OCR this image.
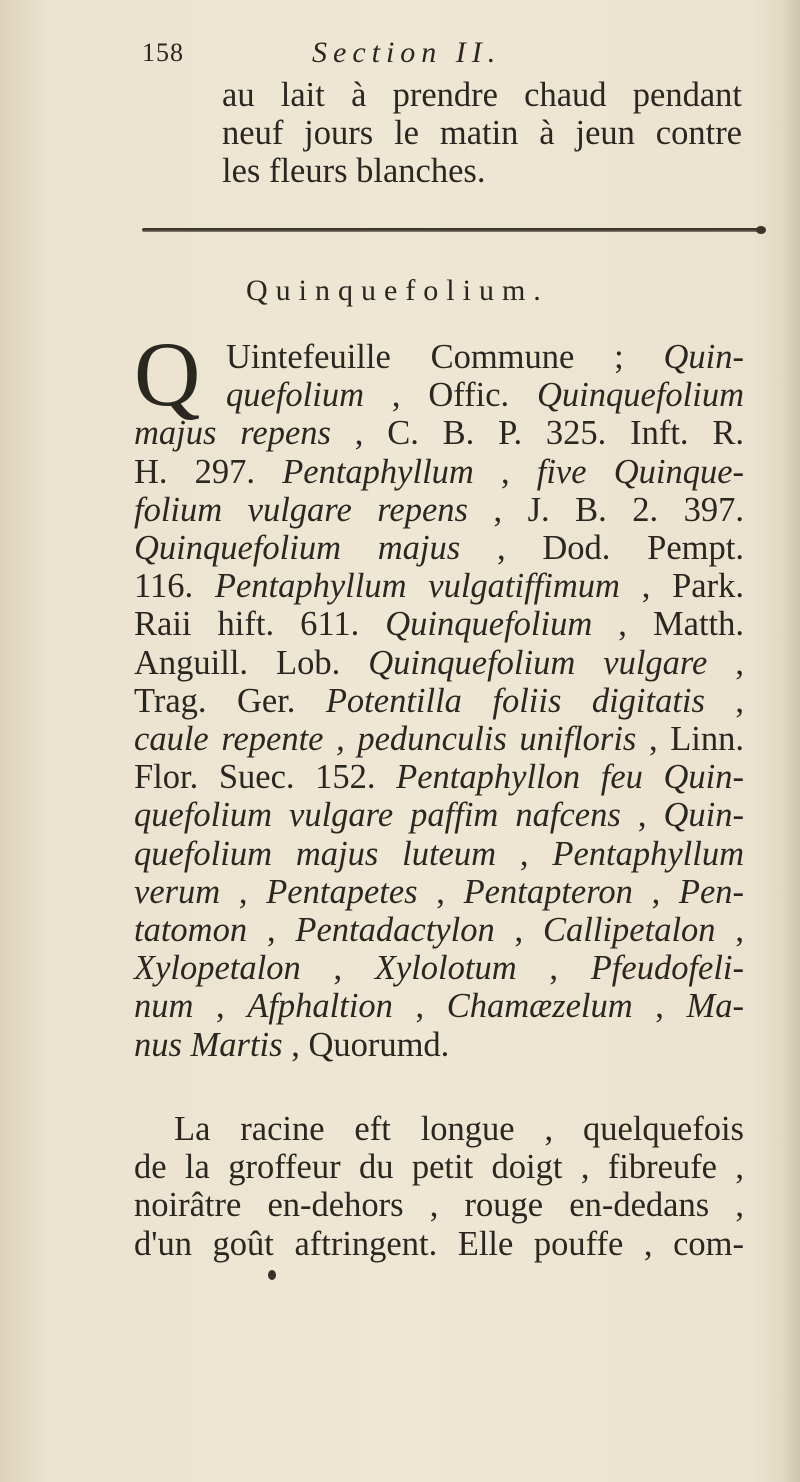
158	Section II.
au lait à prendre chaud pendant
neuf jours le matin à jeun contre
les fleurs blanches.
Quinquefolium.
Q Uintefeuille Commune ; Quin-
quefolium , Offic. Quinquefolium
majus repens , C. B. P. 325. Inft. R.
H. 297. Pentaphyllum , five Quinque-
folium vulgare repens , J. B. 2. 397.
Quinquefolium majus , Dod. Pempt.
116. Pentaphyllum vulgatiffimum , Park.
Raii hift. 611. Quinquefolium , Matth.
Anguill. Lob. Quinquefolium vulgare ,
Trag. Ger. Potentilla foliis digitatis ,
caule repente , pedunculis unifloris , Linn.
Flor. Suec. 152. Pentaphyllon feu Quin-
quefolium vulgare paffim nafcens , Quin-
quefolium majus luteum , Pentaphyllum
verum , Pentapetes , Pentapteron , Pen-
tatomon , Pentadactylon , Callipetalon ,
Xylopetalon , Xylolotum , Pfeudofeli-
num , Afphaltion , Chamæzelum , Ma-
nus Martis , Quorumd.
La racine eft longue , quelquefois
de la groffeur du petit doigt , fibreufe ,
noirâtre en-dehors , rouge en-dedans ,
d'un goût aftringent. Elle pouffe , com-
